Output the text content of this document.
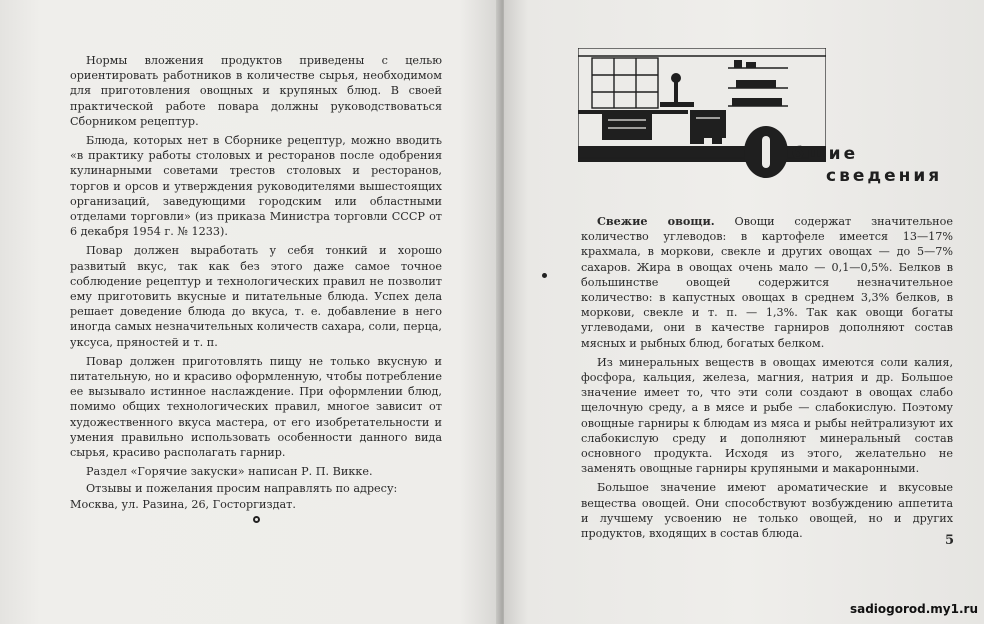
Нормы вложения продуктов приведены с целью ориентировать работников в количестве сырья, необходимом для приготовления овощных и крупяных блюд. В своей практической работе повара должны руководствоваться Сборником рецептур.

Блюда, которых нет в Сборнике рецептур, можно вводить «в практику работы столовых и ресторанов после одобрения кулинарными советами трестов столовых и ресторанов, торгов и орсов и утверждения руководителями вышестоящих организаций, заведующими городским или областными отделами торговли» (из приказа Министра торговли СССР от 6 декабря 1954 г. № 1233).

Повар должен выработать у себя тонкий и хорошо развитый вкус, так как без этого даже самое точное соблюдение рецептур и технологических правил не позволит ему приготовить вкусные и питательные блюда. Успех дела решает доведение блюда до вкуса, т. е. добавление в него иногда самых незначительных количеств сахара, соли, перца, уксуса, пряностей и т. п.

Повар должен приготовлять пищу не только вкусную и питательную, но и красиво оформленную, чтобы потребление ее вызывало истинное наслаждение. При оформлении блюд, помимо общих технологических правил, многое зависит от художественного вкуса мастера, от его изобретательности и умения правильно использовать особенности данного вида сырья, красиво располагать гарнир.

Раздел «Горячие закуски» написан Р. П. Викке.

Отзывы и пожелания просим направлять по адресу:

Москва, ул. Разина, 26, Госторгиздат.

бщие
сведения

Свежие овощи. Овощи содержат значительное количество углеводов: в картофеле имеется 13—17% крахмала, в моркови, свекле и других овощах — до 5—7% сахаров. Жира в овощах очень мало — 0,1—0,5%. Белков в большинстве овощей содержится незначительное количество: в капустных овощах в среднем 3,3% белков, в моркови, свекле и т. п. — 1,3%. Так как овощи богаты углеводами, они в качестве гарниров дополняют состав мясных и рыбных блюд, богатых белком.

Из минеральных веществ в овощах имеются соли калия, фосфора, кальция, железа, магния, натрия и др. Большое значение имеет то, что эти соли создают в овощах слабо щелочную среду, а в мясе и рыбе — слабокислую. Поэтому овощные гарниры к блюдам из мяса и рыбы нейтрализуют их слабокислую среду и дополняют минеральный состав основного продукта. Исходя из этого, желательно не заменять овощные гарниры крупяными и макаронными.

Большое значение имеют ароматические и вкусовые вещества овощей. Они способствуют возбуждению аппетита и лучшему усвоению не только овощей, но и других продуктов, входящих в состав блюда.	5
sadiogorod.my1.ru
